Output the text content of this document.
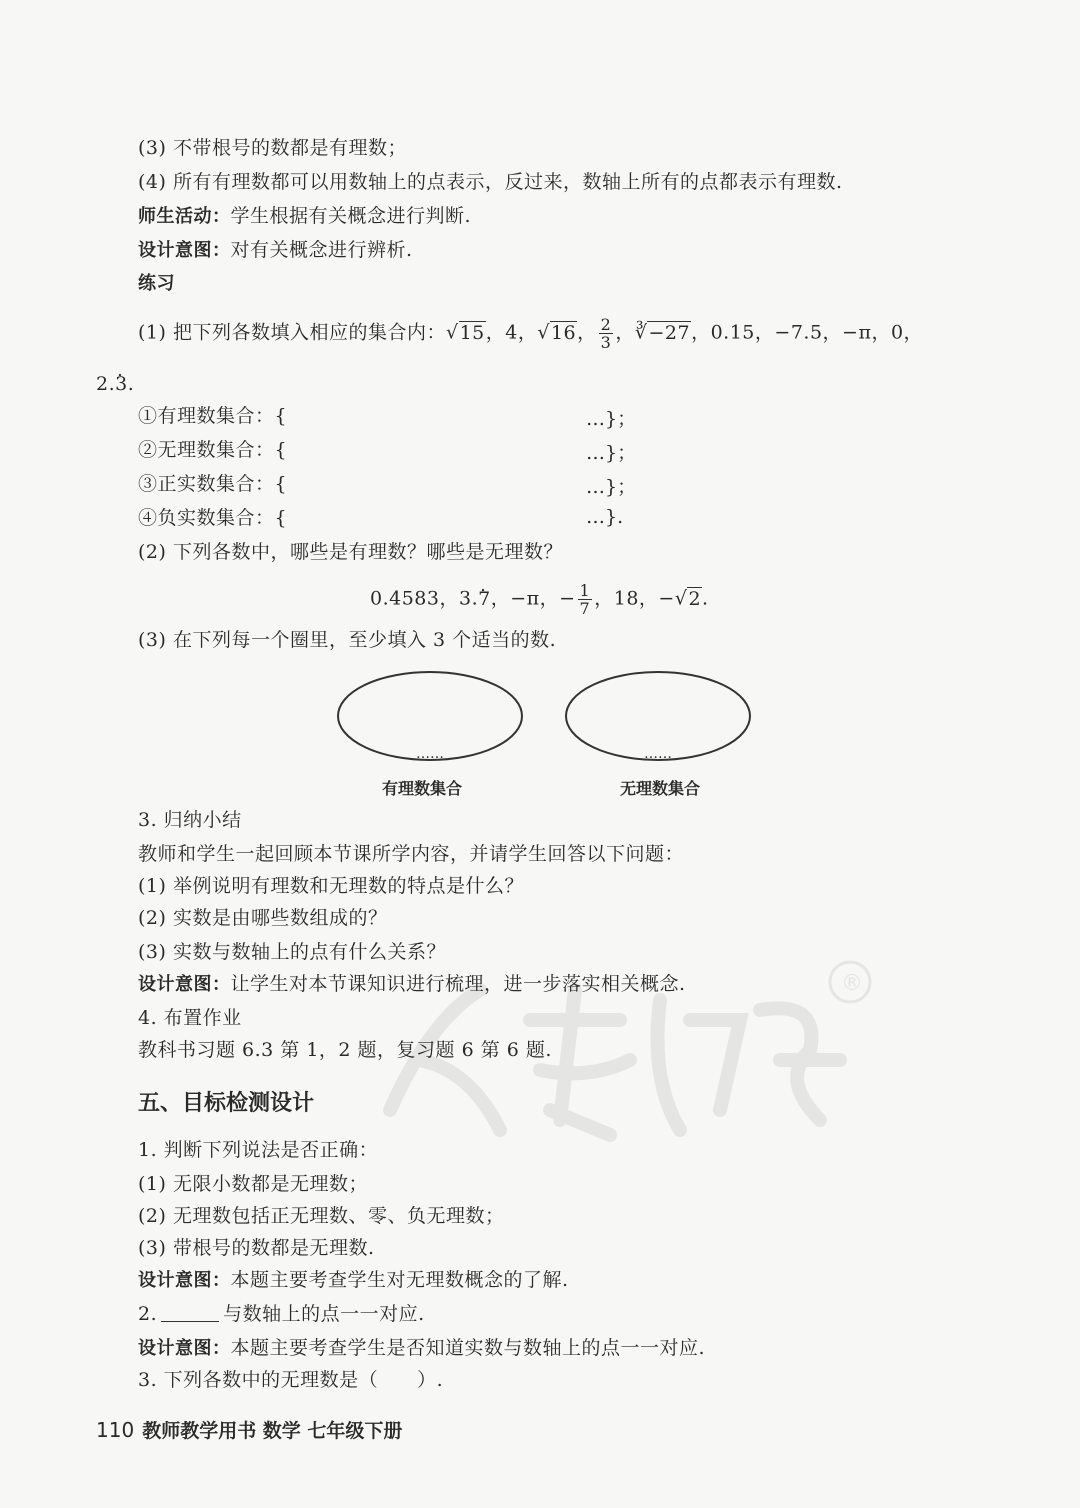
®
(3) 不带根号的数都是有理数；
(4) 所有有理数都可以用数轴上的点表示，反过来，数轴上所有的点都表示有理数.
师生活动：学生根据有关概念进行判断.
设计意图：对有关概念进行辨析.
练习
(1) 把下列各数填入相应的集合内：√15，4，√16， $\frac{2}{3}$ ，∛−27，0.15，−7.5，−π，0，
2.. 3.
①有理数集合：{	…}；
②无理数集合：{	…}；
③正实数集合：{	…}；
④负实数集合：{	…}.
(2) 下列各数中，哪些是有理数？哪些是无理数？
0.4583，3.. 7，−π，− $\frac{1}{7}$ ，18，−√2.
(3) 在下列每一个圈里，至少填入 3 个适当的数.
……	……
有理数集合	无理数集合
3. 归纳小结
教师和学生一起回顾本节课所学内容，并请学生回答以下问题：
(1) 举例说明有理数和无理数的特点是什么？
(2) 实数是由哪些数组成的？
(3) 实数与数轴上的点有什么关系？
设计意图：让学生对本节课知识进行梳理，进一步落实相关概念.
4. 布置作业
教科书习题 6.3 第 1，2 题，复习题 6 第 6 题.
五、目标检测设计
1. 判断下列说法是否正确：
(1) 无限小数都是无理数；
(2) 无理数包括正无理数、零、负无理数；
(3) 带根号的数都是无理数.
设计意图：本题主要考查学生对无理数概念的了解.
2.	与数轴上的点一一对应.
设计意图：本题主要考查学生是否知道实数与数轴上的点一一对应.
3. 下列各数中的无理数是（　　）.
110 教师教学用书 数学 七年级下册
